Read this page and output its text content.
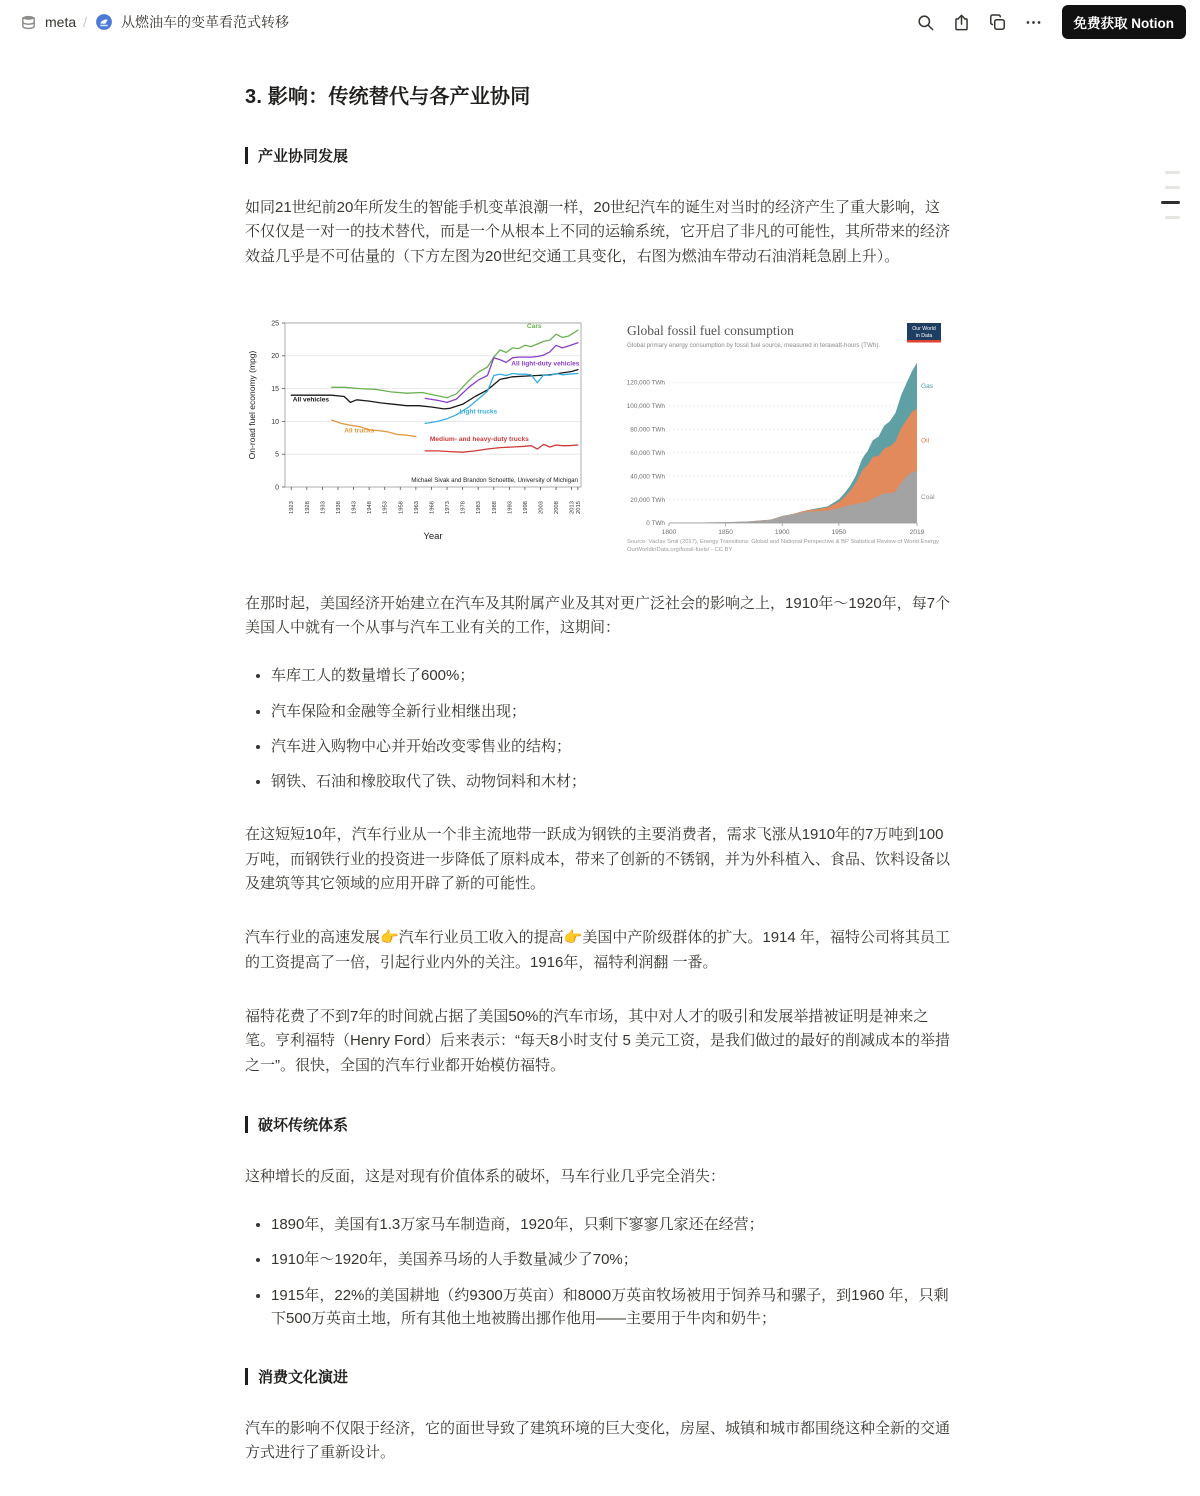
meta / 从燃油车的变革看范式转移	免费获取 Notion
3. 影响：传统替代与各产业协同
产业协同发展

如同21世纪前20年所发生的智能手机变革浪潮一样，20世纪汽车的诞生对当时的经济产生了重大影响，这不仅仅是一对一的技术替代，而是一个从根本上不同的运输系统，它开启了非凡的可能性，其所带来的经济效益几乎是不可估量的（下方左图为20世纪交通工具变化，右图为燃油车带动石油消耗急剧上升）。

0
5
10
15
20
25
1923 1928 1933 1938 1943 1948 1953 1958 1963 1968 1973 1978 1983 1988 1993 1998 2003 2008 2013 2015
On-road fuel economy (mpg)
Year
Cars
All light-duty vehicles
All vehicles
Light trucks
All trucks
Medium- and heavy-duty trucks
Michael Sivak and Brandon Schoettle, University of Michigan
Global fossil fuel consumption
Global primary energy consumption by fossil fuel source, measured in terawatt-hours (TWh).
Our World
in Data
0 TWh
20,000 TWh
40,000 TWh
60,000 TWh
80,000 TWh
100,000 TWh
120,000 TWh
1800	1850	1900	1950	2019
Gas
Oil
Coal
Source: Vaclav Smil (2017), Energy Transitions: Global and National Perspective & BP Statistical Review of World Energy
OurWorldInData.org/fossil-fuels/ - CC BY

在那时起，美国经济开始建立在汽车及其附属产业及其对更广泛社会的影响之上，1910年～1920年，每7个美国人中就有一个从事与汽车工业有关的工作，这期间：

• 车库工人的数量增长了600%；
• 汽车保险和金融等全新行业相继出现；
• 汽车进入购物中心并开始改变零售业的结构；
• 钢铁、石油和橡胶取代了铁、动物饲料和木材；

在这短短10年，汽车行业从一个非主流地带一跃成为钢铁的主要消费者，需求飞涨从1910年的7万吨到100万吨，而钢铁行业的投资进一步降低了原料成本，带来了创新的不锈钢，并为外科植入、食品、饮料设备以及建筑等其它领域的应用开辟了新的可能性。

汽车行业的高速发展👉汽车行业员工收入的提高👉美国中产阶级群体的扩大。1914 年，福特公司将其员工的工资提高了一倍，引起行业内外的关注。1916年，福特利润翻 一番。

福特花费了不到7年的时间就占据了美国50%的汽车市场，其中对人才的吸引和发展举措被证明是神来之笔。亨利福特（Henry Ford）后来表示：“每天8小时支付 5 美元工资，是我们做过的最好的削减成本的举措之一”。很快，全国的汽车行业都开始模仿福特。

破坏传统体系

这种增长的反面，这是对现有价值体系的破坏，马车行业几乎完全消失：

• 1890年，美国有1.3万家马车制造商，1920年，只剩下寥寥几家还在经营；
• 1910年～1920年，美国养马场的人手数量减少了70%；
• 1915年，22%的美国耕地（约9300万英亩）和8000万英亩牧场被用于饲养马和骡子，到1960 年，只剩下500万英亩土地，所有其他土地被腾出挪作他用——主要用于牛肉和奶牛；
消费文化演进

汽车的影响不仅限于经济，它的面世导致了建筑环境的巨大变化，房屋、城镇和城市都围绕这种全新的交通方式进行了重新设计。
